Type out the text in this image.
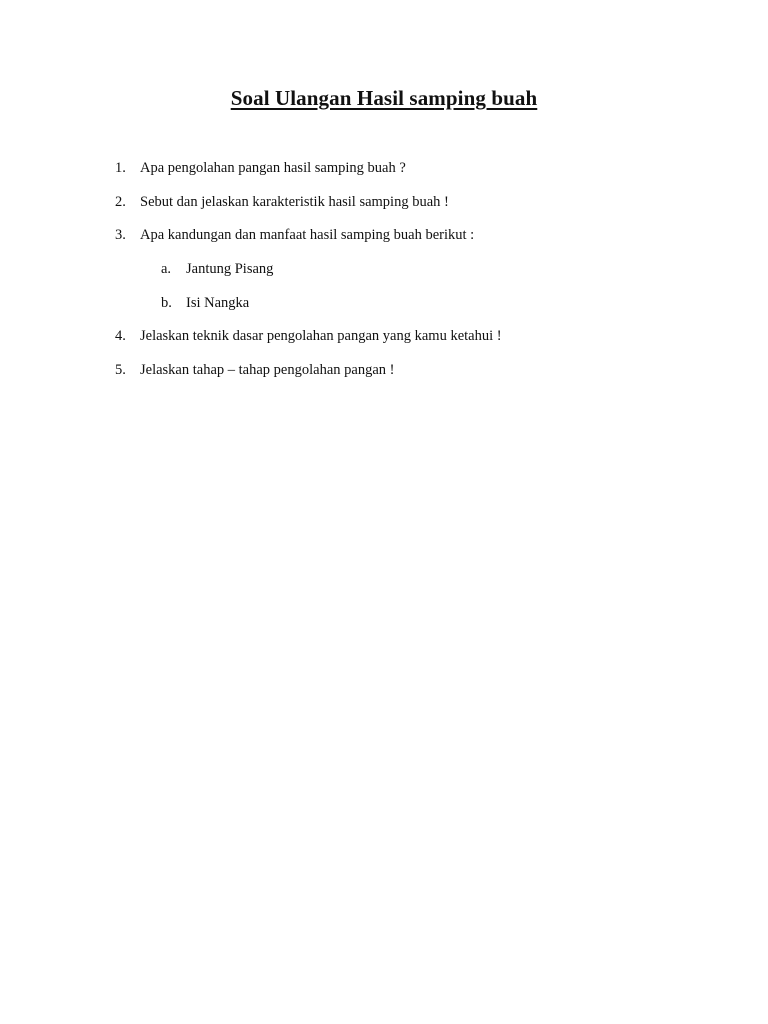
Soal Ulangan Hasil samping buah
1. Apa pengolahan pangan hasil samping buah ?
2. Sebut dan jelaskan karakteristik hasil samping buah !
3. Apa kandungan dan manfaat hasil samping buah berikut :
a. Jantung Pisang
b. Isi Nangka
4. Jelaskan teknik dasar pengolahan pangan yang kamu ketahui !
5. Jelaskan tahap – tahap pengolahan pangan !
